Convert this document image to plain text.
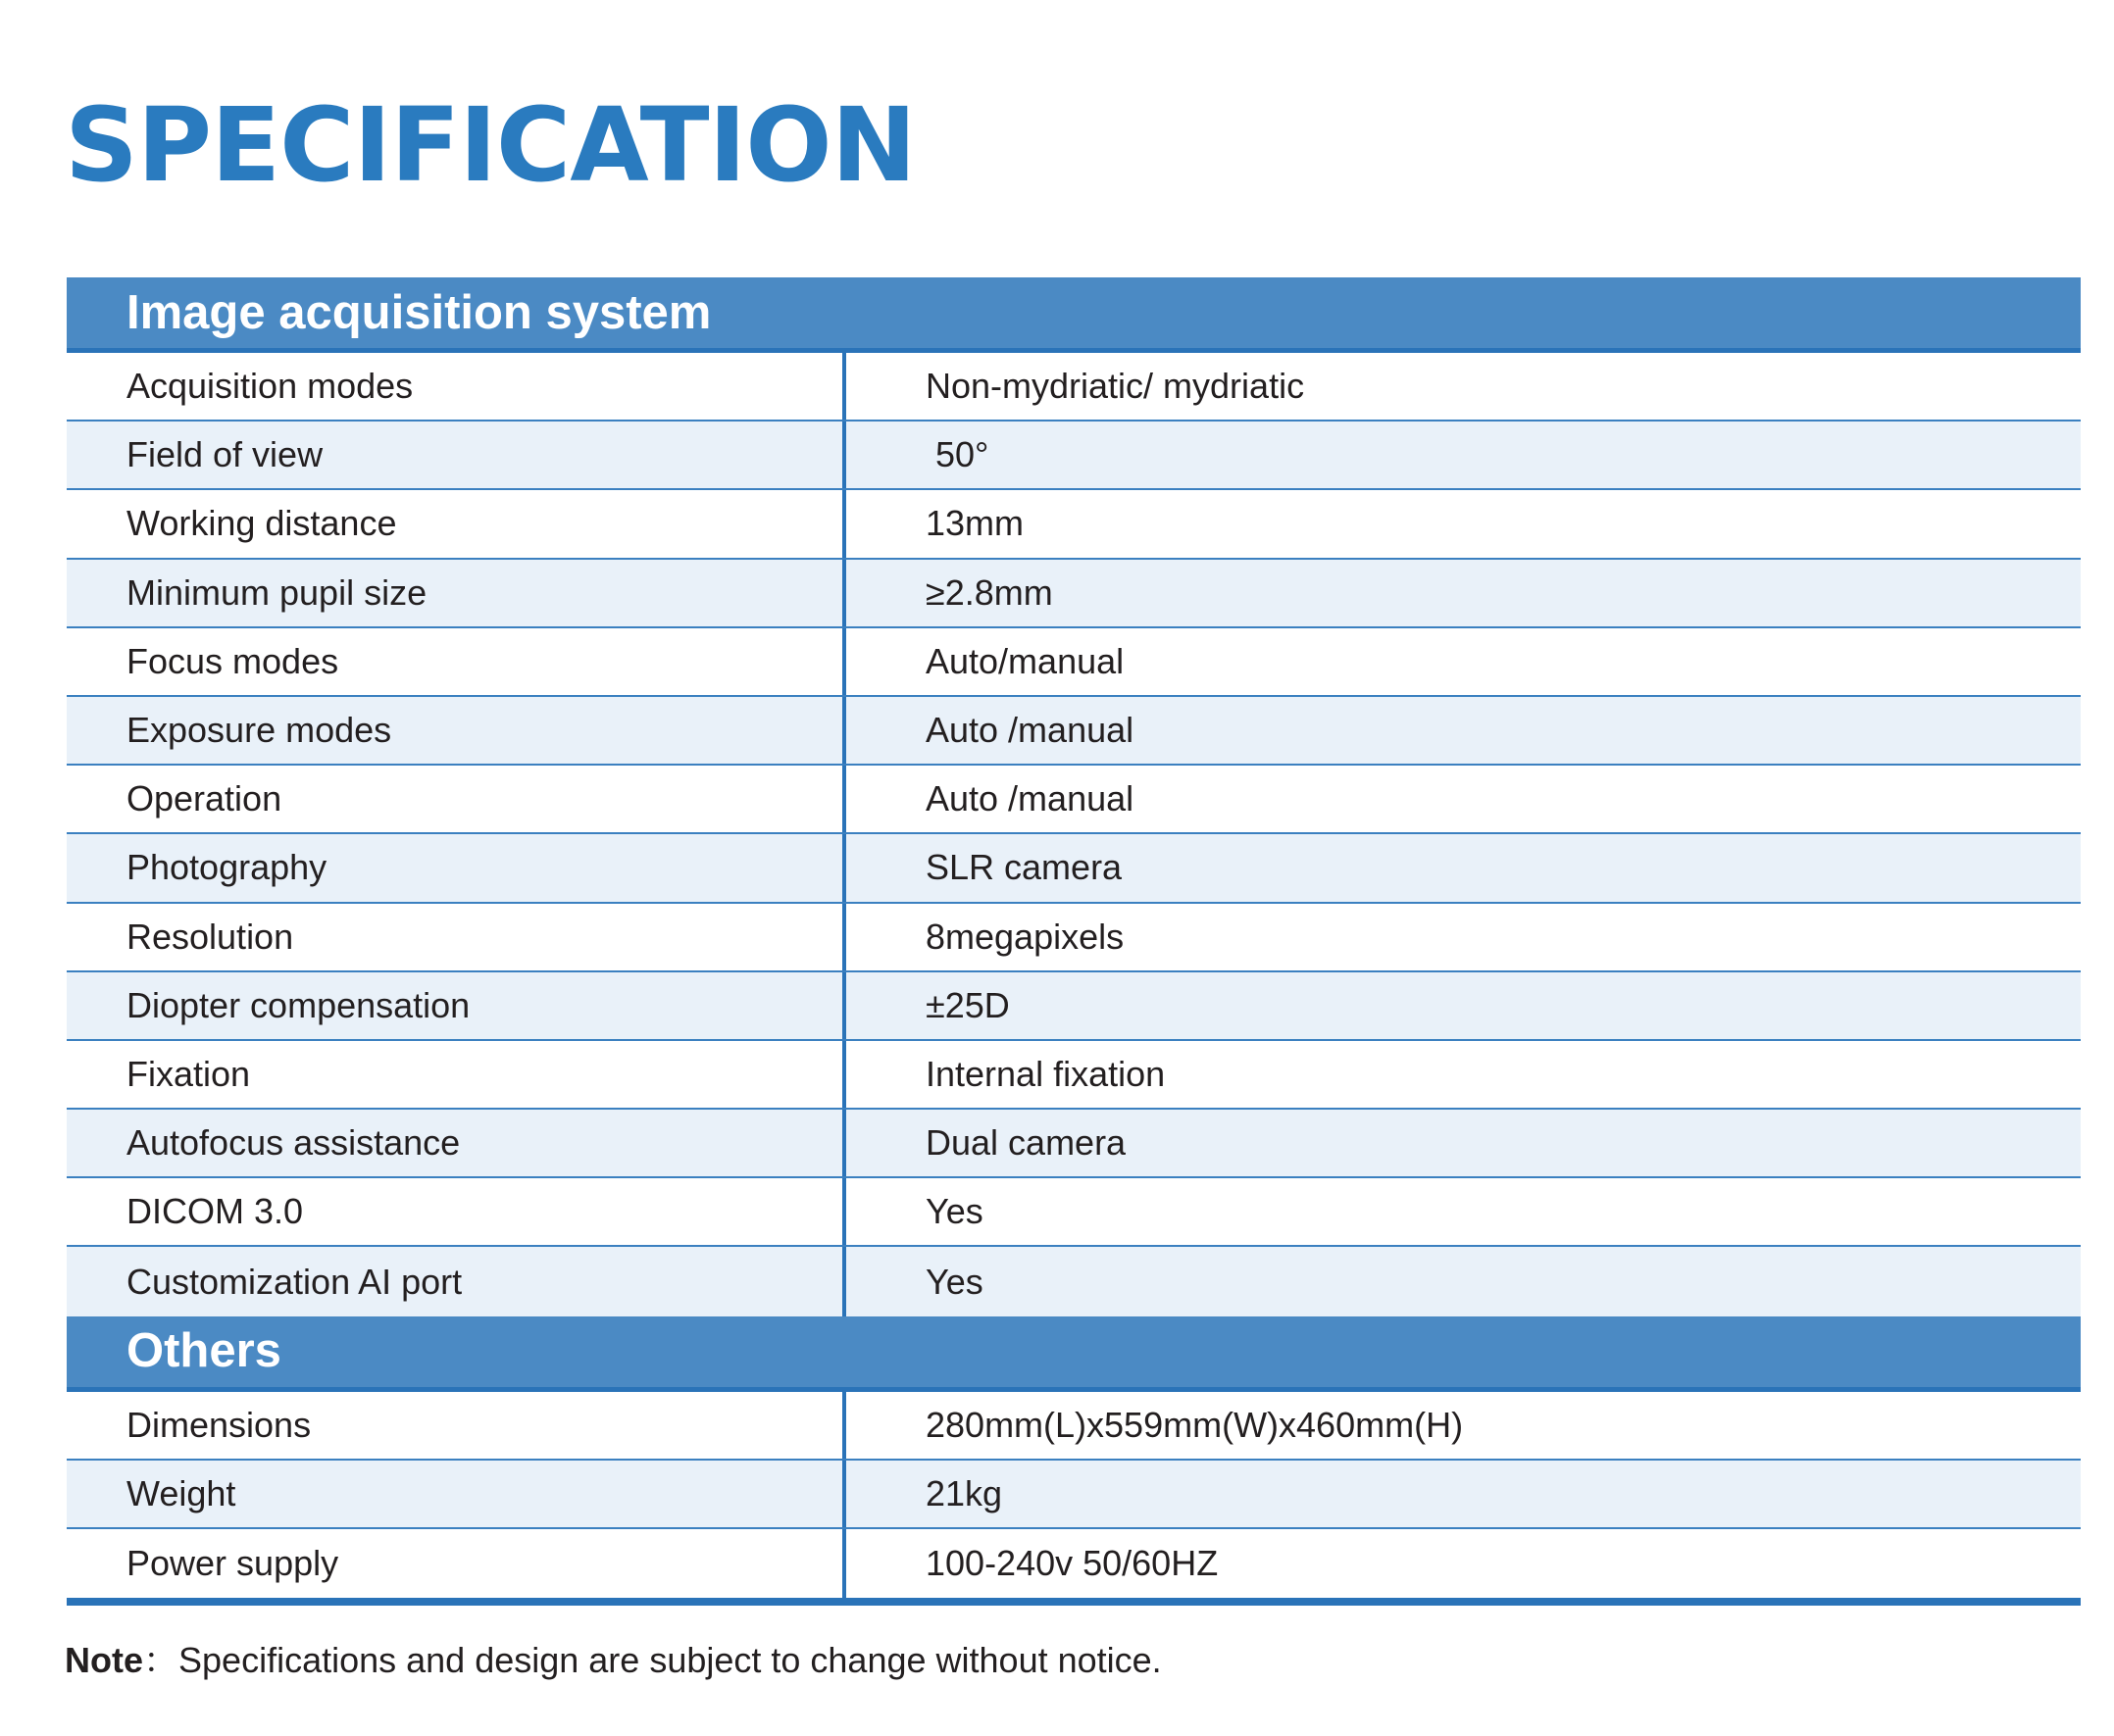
SPECIFICATION
Image acquisition system
Acquisition modes	Non-mydriatic/ mydriatic
Field of view	50°
Working distance	13mm
Minimum pupil size	≥2.8mm
Focus modes	Auto/manual
Exposure modes	Auto /manual
Operation	Auto /manual
Photography	SLR camera
Resolution	8megapixels
Diopter compensation	±25D
Fixation	Internal fixation
Autofocus assistance	Dual camera
DICOM 3.0	Yes
Customization AI port	Yes
Others
Dimensions	280mm(L)x559mm(W)x460mm(H)
Weight	21kg
Power supply	100-240v 50/60HZ
Note：Specifications and design are subject to change without notice.
